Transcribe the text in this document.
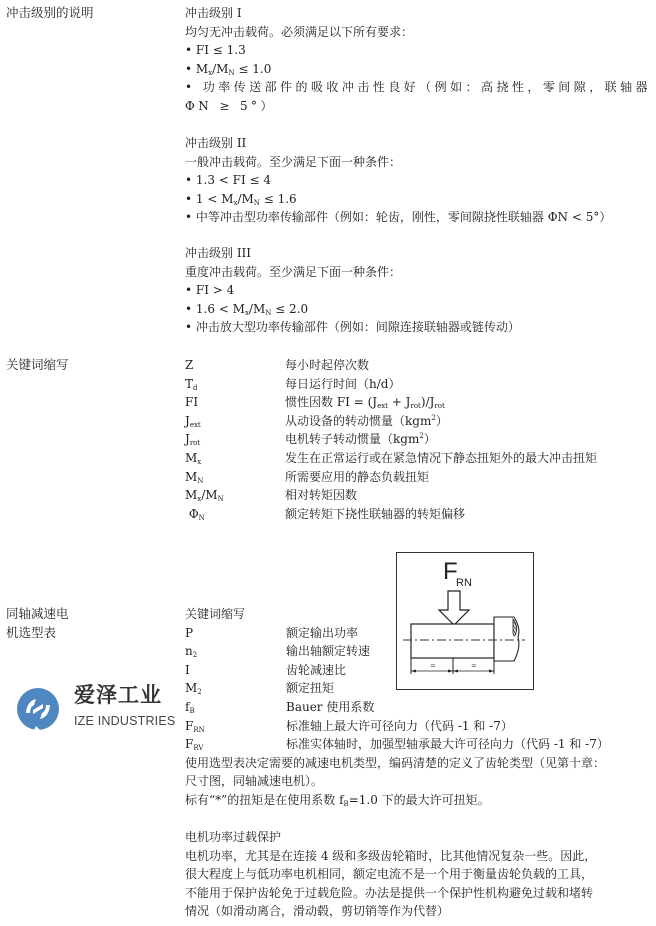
冲击级别的说明	冲击级别 I

均匀无冲击载荷。必须满足以下所有要求：

• FI ≤ 1.3

• $M_x/M_N \le 1.0$

• 功率传送部件的吸收冲击性良好（例如：高挠性，零间隙，联轴器 ΦN ≥ 5°）

冲击级别 II

一般冲击载荷。至少满足下面一种条件：

• 1.3 < FI ≤ 4

• $1 < M_x/M_N \le 1.6$

• 中等冲击型功率传输部件（例如：轮齿，刚性，零间隙挠性联轴器 ΦN < 5°）

冲击级别 III

重度冲击载荷。至少满足下面一种条件：

• FI > 4

• $1.6 < M_x/M_N \le 2.0$

• 冲击放大型功率传输部件（例如：间隙连接联轴器或链传动）

关键词缩写	Z	每小时起停次数
$T_d$	每日运行时间（h/d）
FI	惯性因数 FI = $(J_{ext} + J_{rot})/J_{rot}$
$J_{ext}$	从动设备的转动惯量（kgm$^2$）
$J_{rot}$	电机转子转动惯量（kgm$^2$）
$M_x$	发生在正常运行或在紧急情况下静态扭矩外的最大冲击扭矩
$M_N$	所需要应用的静态负载扭矩
$M_x/M_N$	相对转矩因数
$\Phi_N$	额定转矩下挠性联轴器的转矩偏移
F
RN
=	=
同轴减速电
机选型表
爱泽工业
IZE INDUSTRIES

关键词缩写

P	额定输出功率
$n_2$	输出轴额定转速
I	齿轮减速比
$M_2$	额定扭矩
$f_B$	Bauer 使用系数
$F_{RN}$	标准轴上最大许可径向力（代码 -1 和 -7）
$F_{RV}$	标准实体轴时，加强型轴承最大许可径向力（代码 -1 和 -7）

使用选型表决定需要的减速电机类型，编码清楚的定义了齿轮类型（见第十章：

尺寸图，同轴减速电机）。

标有“*”的扭矩是在使用系数 $f_B=1.0$ 下的最大许可扭矩。

电机功率过载保护

电机功率，尤其是在连接 4 级和多级齿轮箱时，比其他情况复杂一些。因此，

很大程度上与低功率电机相同，额定电流不是一个用于衡量齿轮负载的工具，

不能用于保护齿轮免于过载危险。办法是提供一个保护性机构避免过载和堵转

情况（如滑动离合，滑动毂，剪切销等作为代替）
